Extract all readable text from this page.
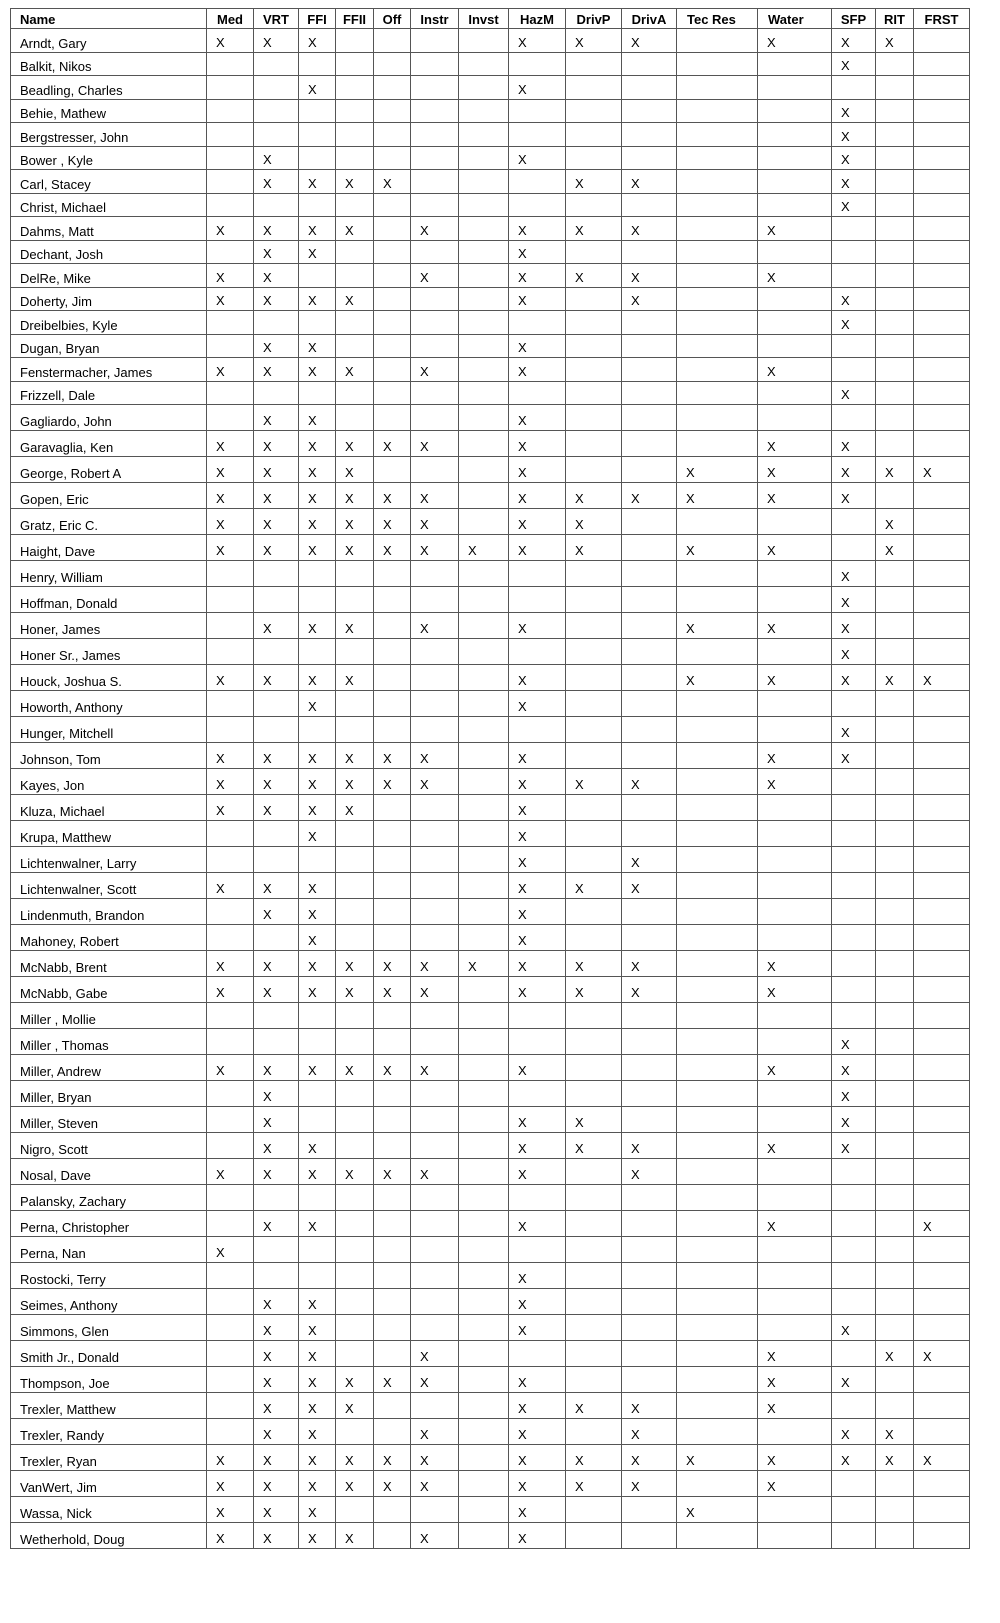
Name	Med	VRT	FFI	FFII	Off	Instr	Invst	HazM	DrivP	DrivA	Tec Res	Water	SFP	RIT	FRST
Arndt, Gary	X	X	X					X	X	X		X	X	X	
Balkit, Nikos													X		
Beadling, Charles			X					X							
Behie, Mathew													X		
Bergstresser, John													X		
Bower , Kyle		X						X					X		
Carl, Stacey		X	X	X	X				X	X			X		
Christ, Michael													X		
Dahms, Matt	X	X	X	X		X		X	X	X		X			
Dechant, Josh		X	X					X							
DelRe, Mike	X	X				X		X	X	X		X			
Doherty, Jim	X	X	X	X				X		X			X		
Dreibelbies, Kyle													X		
Dugan, Bryan		X	X					X							
Fenstermacher, James	X	X	X	X		X		X				X			
Frizzell, Dale													X		
Gagliardo, John		X	X					X							
Garavaglia, Ken	X	X	X	X	X	X		X				X	X		
George, Robert A	X	X	X	X				X			X	X	X	X	X
Gopen, Eric	X	X	X	X	X	X		X	X	X	X	X	X		
Gratz, Eric C.	X	X	X	X	X	X		X	X					X	
Haight, Dave	X	X	X	X	X	X	X	X	X		X	X		X	
Henry, William													X		
Hoffman, Donald													X		
Honer, James		X	X	X		X		X			X	X	X		
Honer Sr., James													X		
Houck, Joshua S.	X	X	X	X				X			X	X	X	X	X
Howorth, Anthony			X					X							
Hunger, Mitchell													X		
Johnson, Tom	X	X	X	X	X	X		X				X	X		
Kayes, Jon	X	X	X	X	X	X		X	X	X		X			
Kluza, Michael	X	X	X	X				X							
Krupa, Matthew			X					X							
Lichtenwalner, Larry								X		X					
Lichtenwalner, Scott	X	X	X					X	X	X					
Lindenmuth, Brandon		X	X					X							
Mahoney, Robert			X					X							
McNabb, Brent	X	X	X	X	X	X	X	X	X	X		X			
McNabb, Gabe	X	X	X	X	X	X		X	X	X		X			
Miller , Mollie															
Miller , Thomas													X		
Miller, Andrew	X	X	X	X	X	X		X				X	X		
Miller, Bryan		X											X		
Miller, Steven		X						X	X				X		
Nigro, Scott		X	X					X	X	X		X	X		
Nosal, Dave	X	X	X	X	X	X		X		X					
Palansky, Zachary															
Perna, Christopher		X	X					X				X			X
Perna, Nan	X														
Rostocki, Terry								X							
Seimes, Anthony		X	X					X							
Simmons, Glen		X	X					X					X		
Smith Jr., Donald		X	X			X						X		X	X
Thompson, Joe		X	X	X	X	X		X				X	X		
Trexler, Matthew		X	X	X				X	X	X		X			
Trexler, Randy		X	X			X		X		X			X	X	
Trexler, Ryan	X	X	X	X	X	X		X	X	X	X	X	X	X	X
VanWert, Jim	X	X	X	X	X	X		X	X	X		X			
Wassa, Nick	X	X	X					X			X				
Wetherhold, Doug	X	X	X	X		X		X							
